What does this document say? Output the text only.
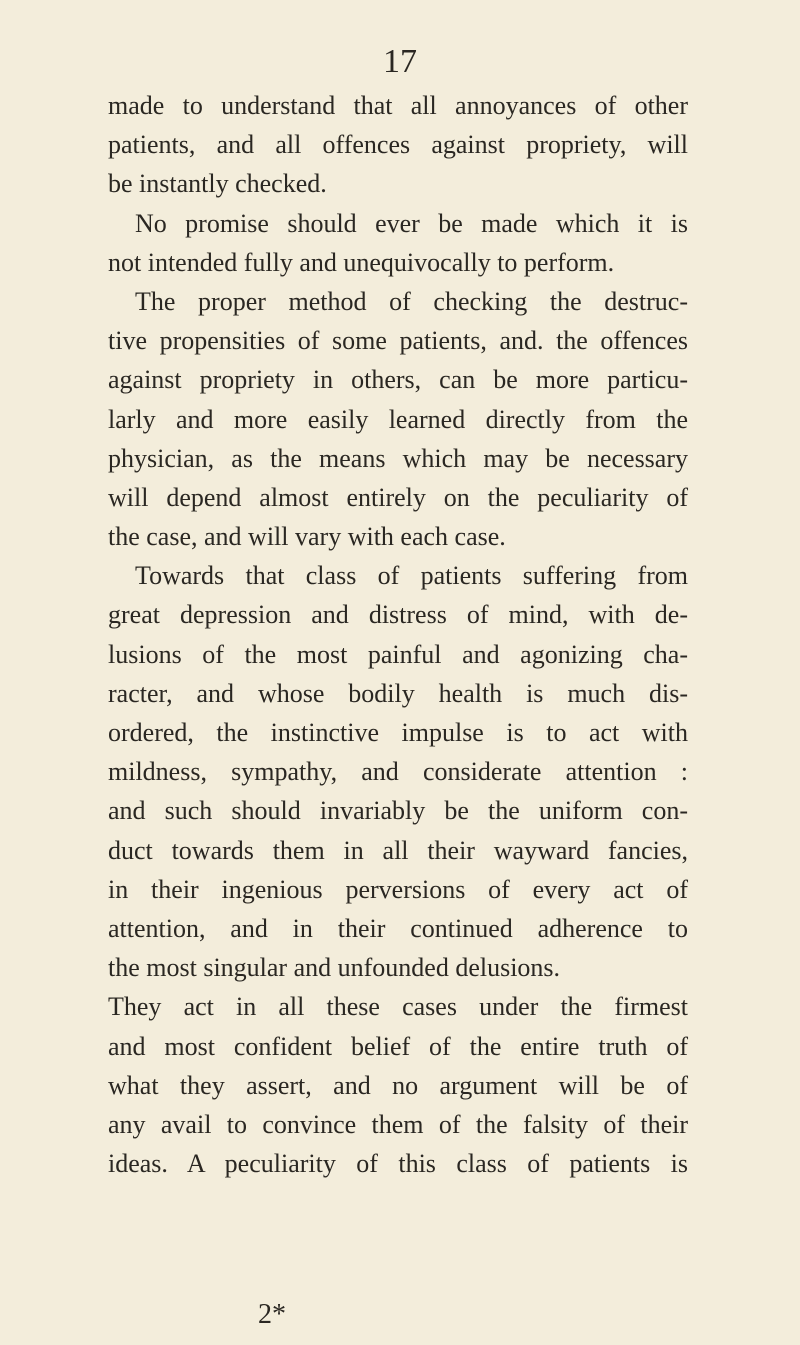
17
made to understand that all annoyances of other
patients, and all offences against propriety, will
be instantly checked.
No promise should ever be made which it is
not intended fully and unequivocally to perform.
The proper method of checking the destruc-
tive propensities of some patients, and. the offences
against propriety in others, can be more particu-
larly and more easily learned directly from the
physician, as the means which may be necessary
will depend almost entirely on the peculiarity of
the case, and will vary with each case.
Towards that class of patients suffering from
great depression and distress of mind, with de-
lusions of the most painful and agonizing cha-
racter, and whose bodily health is much dis-
ordered, the instinctive impulse is to act with
mildness, sympathy, and considerate attention :
and such should invariably be the uniform con-
duct towards them in all their wayward fancies,
in their ingenious perversions of every act of
attention, and in their continued adherence to
the most singular and unfounded delusions.
They act in all these cases under the firmest
and most confident belief of the entire truth of
what they assert, and no argument will be of
any avail to convince them of the falsity of their
ideas. A peculiarity of this class of patients is
2*
